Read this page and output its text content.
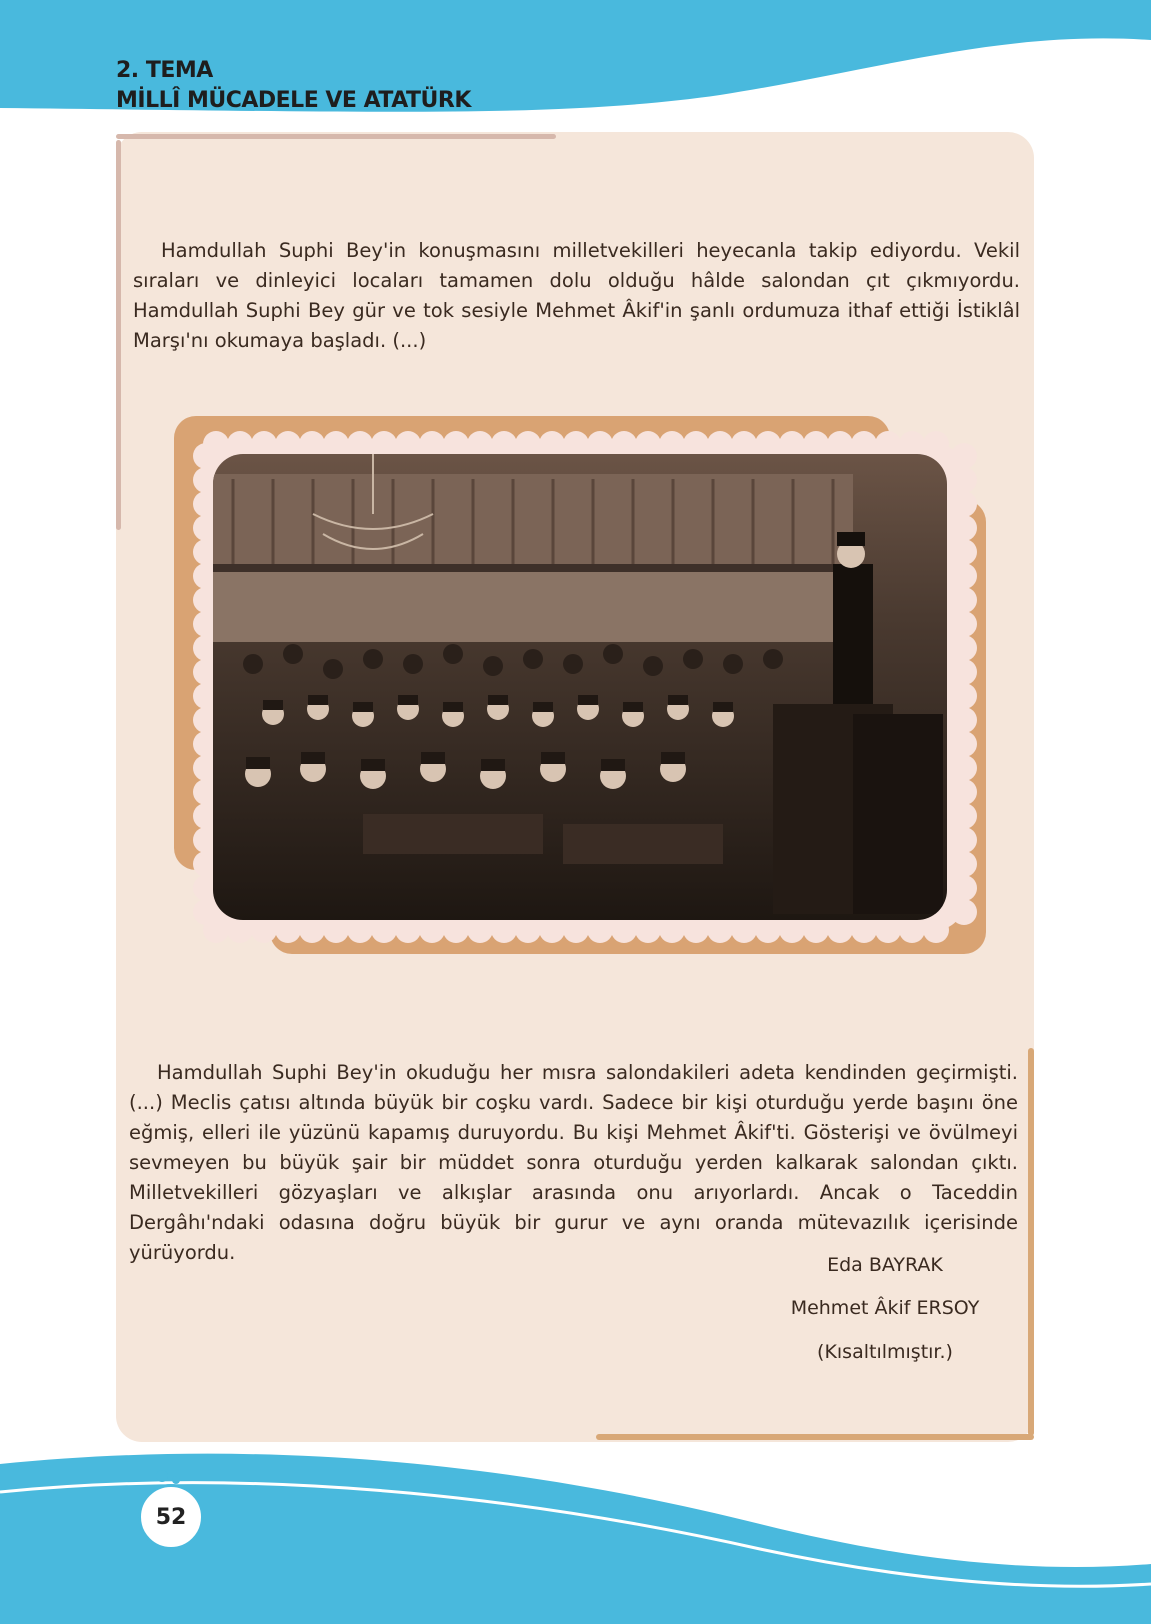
2. TEMA
MİLLÎ MÜCADELE VE ATATÜRK

Hamdullah Suphi Bey'in konuşmasını milletvekilleri heyecanla takip ediyordu. Vekil sıraları ve dinleyici locaları tamamen dolu olduğu hâlde salondan çıt çıkmıyordu. Hamdullah Suphi Bey gür ve tok sesiyle Mehmet Âkif'in şanlı ordumuza ithaf ettiği İstiklâl Marşı'nı okumaya başladı. (...)

Hamdullah Suphi Bey'in okuduğu her mısra salondakileri adeta kendinden geçirmişti. (...) Meclis çatısı altında büyük bir coşku vardı. Sadece bir kişi oturduğu yerde başını öne eğmiş, elleri ile yüzünü kapamış duruyordu. Bu kişi Mehmet Âkif'ti. Gösterişi ve övülmeyi sevmeyen bu büyük şair bir müddet sonra oturduğu yerden kalkarak salondan çıktı. Milletvekilleri gözyaşları ve alkışlar arasında onu arıyorlardı. Ancak o Taceddin Dergâhı'ndaki odasına doğru büyük bir gurur ve aynı oranda mütevazılık içerisinde yürüyordu.

Eda BAYRAK

Mehmet Âkif ERSOY

(Kısaltılmıştır.)

52
